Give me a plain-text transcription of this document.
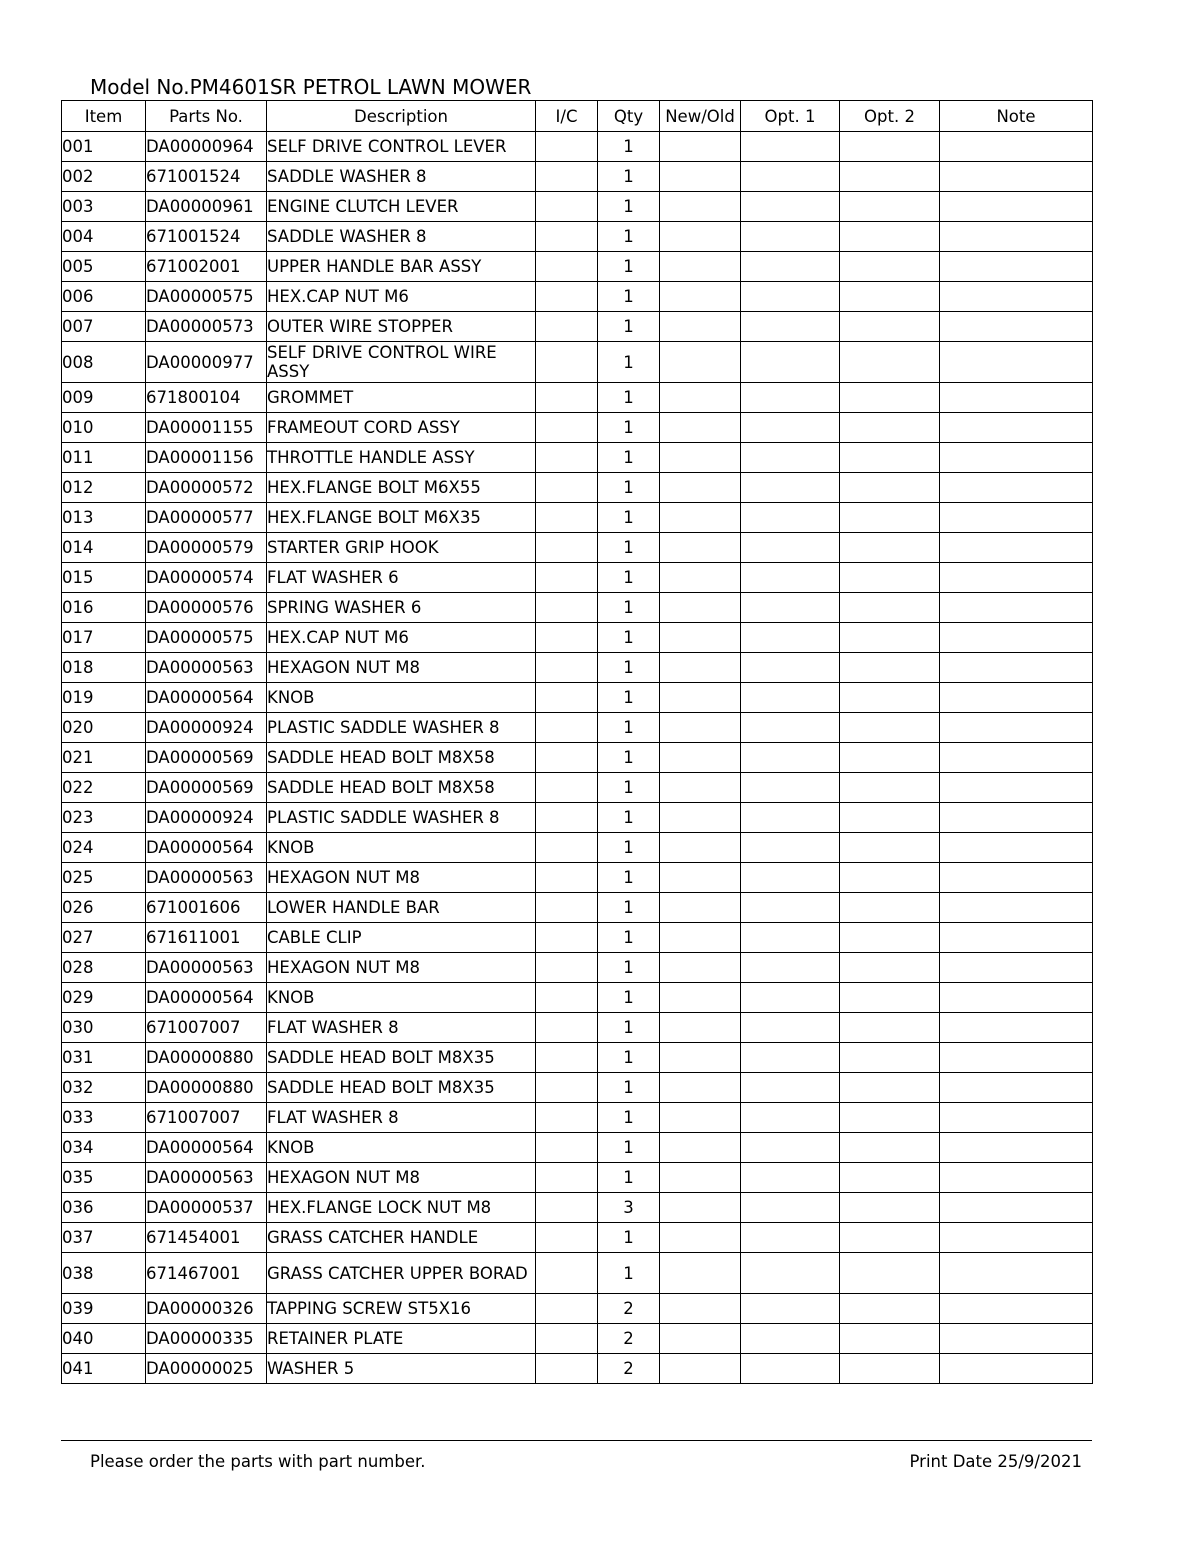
Model No.PM4601SR PETROL LAWN MOWER
Item	Parts No.	Description	I/C	Qty	New/Old	Opt. 1	Opt. 2	Note
001	DA00000964	SELF DRIVE CONTROL LEVER		1				
002	671001524	SADDLE WASHER 8		1				
003	DA00000961	ENGINE CLUTCH LEVER		1				
004	671001524	SADDLE WASHER 8		1				
005	671002001	UPPER HANDLE BAR ASSY		1				
006	DA00000575	HEX.CAP NUT M6		1				
007	DA00000573	OUTER WIRE STOPPER		1				
008	DA00000977	SELF DRIVE CONTROL WIRE ASSY		1				
009	671800104	GROMMET		1				
010	DA00001155	FRAMEOUT CORD ASSY		1				
011	DA00001156	THROTTLE HANDLE ASSY		1				
012	DA00000572	HEX.FLANGE BOLT M6X55		1				
013	DA00000577	HEX.FLANGE BOLT M6X35		1				
014	DA00000579	STARTER GRIP HOOK		1				
015	DA00000574	FLAT WASHER 6		1				
016	DA00000576	SPRING WASHER 6		1				
017	DA00000575	HEX.CAP NUT M6		1				
018	DA00000563	HEXAGON NUT M8		1				
019	DA00000564	KNOB		1				
020	DA00000924	PLASTIC SADDLE WASHER 8		1				
021	DA00000569	SADDLE HEAD BOLT M8X58		1				
022	DA00000569	SADDLE HEAD BOLT M8X58		1				
023	DA00000924	PLASTIC SADDLE WASHER 8		1				
024	DA00000564	KNOB		1				
025	DA00000563	HEXAGON NUT M8		1				
026	671001606	LOWER HANDLE BAR		1				
027	671611001	CABLE CLIP		1				
028	DA00000563	HEXAGON NUT M8		1				
029	DA00000564	KNOB		1				
030	671007007	FLAT WASHER 8		1				
031	DA00000880	SADDLE HEAD BOLT M8X35		1				
032	DA00000880	SADDLE HEAD BOLT M8X35		1				
033	671007007	FLAT WASHER 8		1				
034	DA00000564	KNOB		1				
035	DA00000563	HEXAGON NUT M8		1				
036	DA00000537	HEX.FLANGE LOCK NUT M8		3				
037	671454001	GRASS CATCHER HANDLE		1				
038	671467001	GRASS CATCHER UPPER BORAD		1				
039	DA00000326	TAPPING SCREW ST5X16		2				
040	DA00000335	RETAINER PLATE		2				
041	DA00000025	WASHER 5		2				
Please order the parts with part number.	Print Date 25/9/2021
